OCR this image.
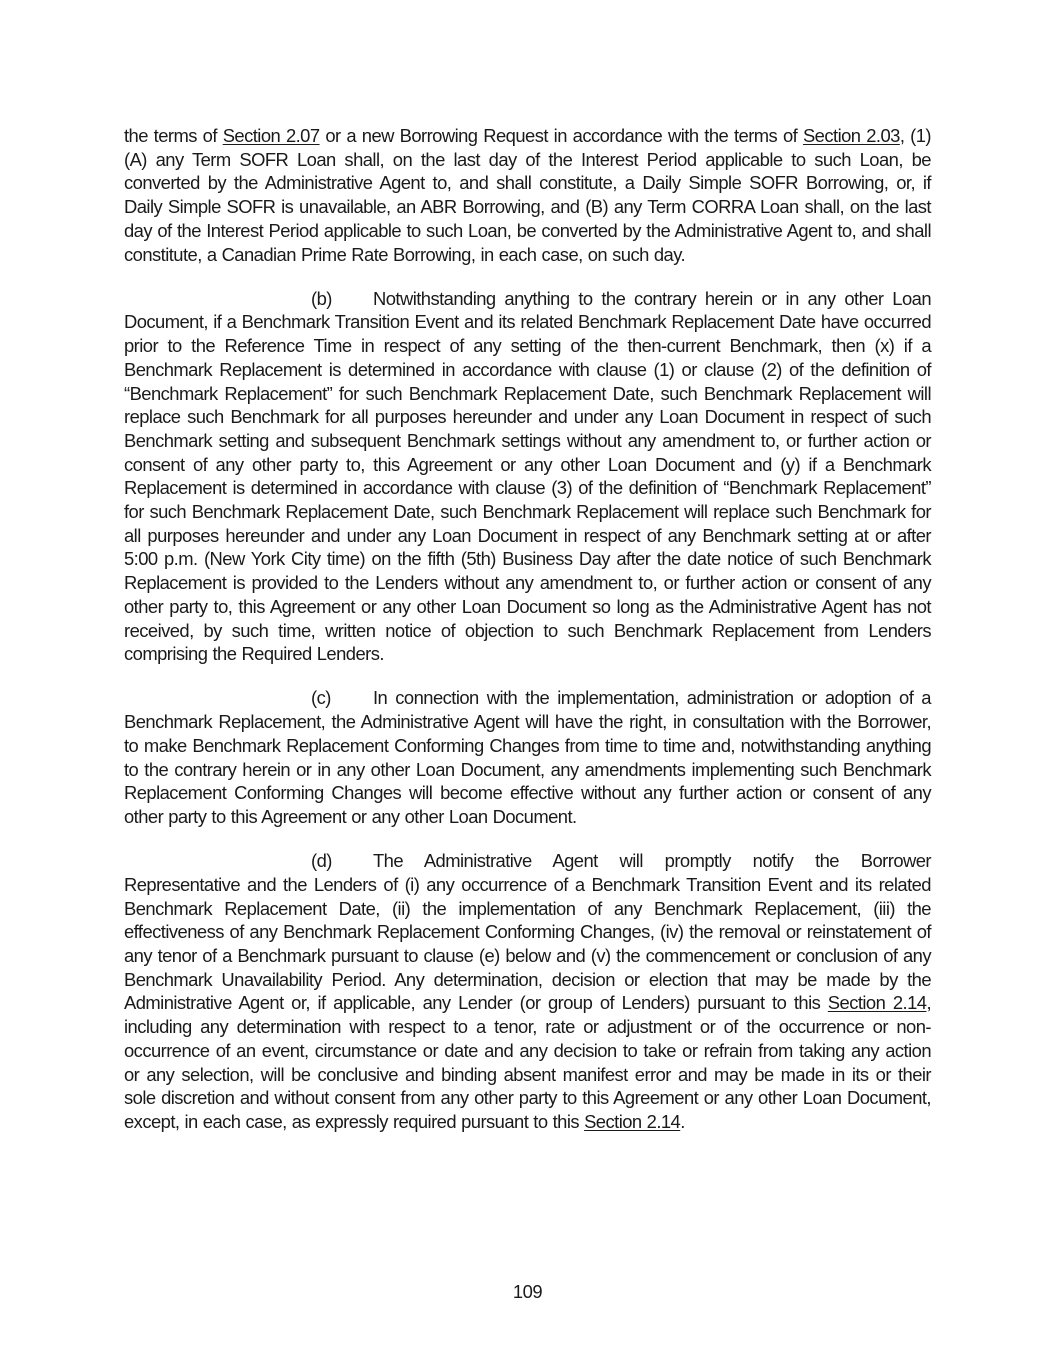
the terms of Section 2.07 or a new Borrowing Request in accordance with the terms of Section 2.03, (1)(A) any Term SOFR Loan shall, on the last day of the Interest Period applicable to such Loan, be converted by the Administrative Agent to, and shall constitute, a Daily Simple SOFR Borrowing, or, if Daily Simple SOFR is unavailable, an ABR Borrowing, and (B) any Term CORRA Loan shall, on the last day of the Interest Period applicable to such Loan, be converted by the Administrative Agent to, and shall constitute, a Canadian Prime Rate Borrowing, in each case, on such day.

(b) Notwithstanding anything to the contrary herein or in any other Loan Document, if a Benchmark Transition Event and its related Benchmark Replacement Date have occurred prior to the Reference Time in respect of any setting of the then-current Benchmark, then (x) if a Benchmark Replacement is determined in accordance with clause (1) or clause (2) of the definition of “Benchmark Replacement” for such Benchmark Replacement Date, such Benchmark Replacement will replace such Benchmark for all purposes hereunder and under any Loan Document in respect of such Benchmark setting and subsequent Benchmark settings without any amendment to, or further action or consent of any other party to, this Agreement or any other Loan Document and (y) if a Benchmark Replacement is determined in accordance with clause (3) of the definition of “Benchmark Replacement” for such Benchmark Replacement Date, such Benchmark Replacement will replace such Benchmark for all purposes hereunder and under any Loan Document in respect of any Benchmark setting at or after 5:00 p.m. (New York City time) on the fifth (5th) Business Day after the date notice of such Benchmark Replacement is provided to the Lenders without any amendment to, or further action or consent of any other party to, this Agreement or any other Loan Document so long as the Administrative Agent has not received, by such time, written notice of objection to such Benchmark Replacement from Lenders comprising the Required Lenders.

(c) In connection with the implementation, administration or adoption of a Benchmark Replacement, the Administrative Agent will have the right, in consultation with the Borrower, to make Benchmark Replacement Conforming Changes from time to time and, notwithstanding anything to the contrary herein or in any other Loan Document, any amendments implementing such Benchmark Replacement Conforming Changes will become effective without any further action or consent of any other party to this Agreement or any other Loan Document.

(d) The Administrative Agent will promptly notify the Borrower Representative and the Lenders of (i) any occurrence of a Benchmark Transition Event and its related Benchmark Replacement Date, (ii) the implementation of any Benchmark Replacement, (iii) the effectiveness of any Benchmark Replacement Conforming Changes, (iv) the removal or reinstatement of any tenor of a Benchmark pursuant to clause (e) below and (v) the commencement or conclusion of any Benchmark Unavailability Period. Any determination, decision or election that may be made by the Administrative Agent or, if applicable, any Lender (or group of Lenders) pursuant to this Section 2.14, including any determination with respect to a tenor, rate or adjustment or of the occurrence or non-occurrence of an event, circumstance or date and any decision to take or refrain from taking any action or any selection, will be conclusive and binding absent manifest error and may be made in its or their sole discretion and without consent from any other party to this Agreement or any other Loan Document, except, in each case, as expressly required pursuant to this Section 2.14.

109
